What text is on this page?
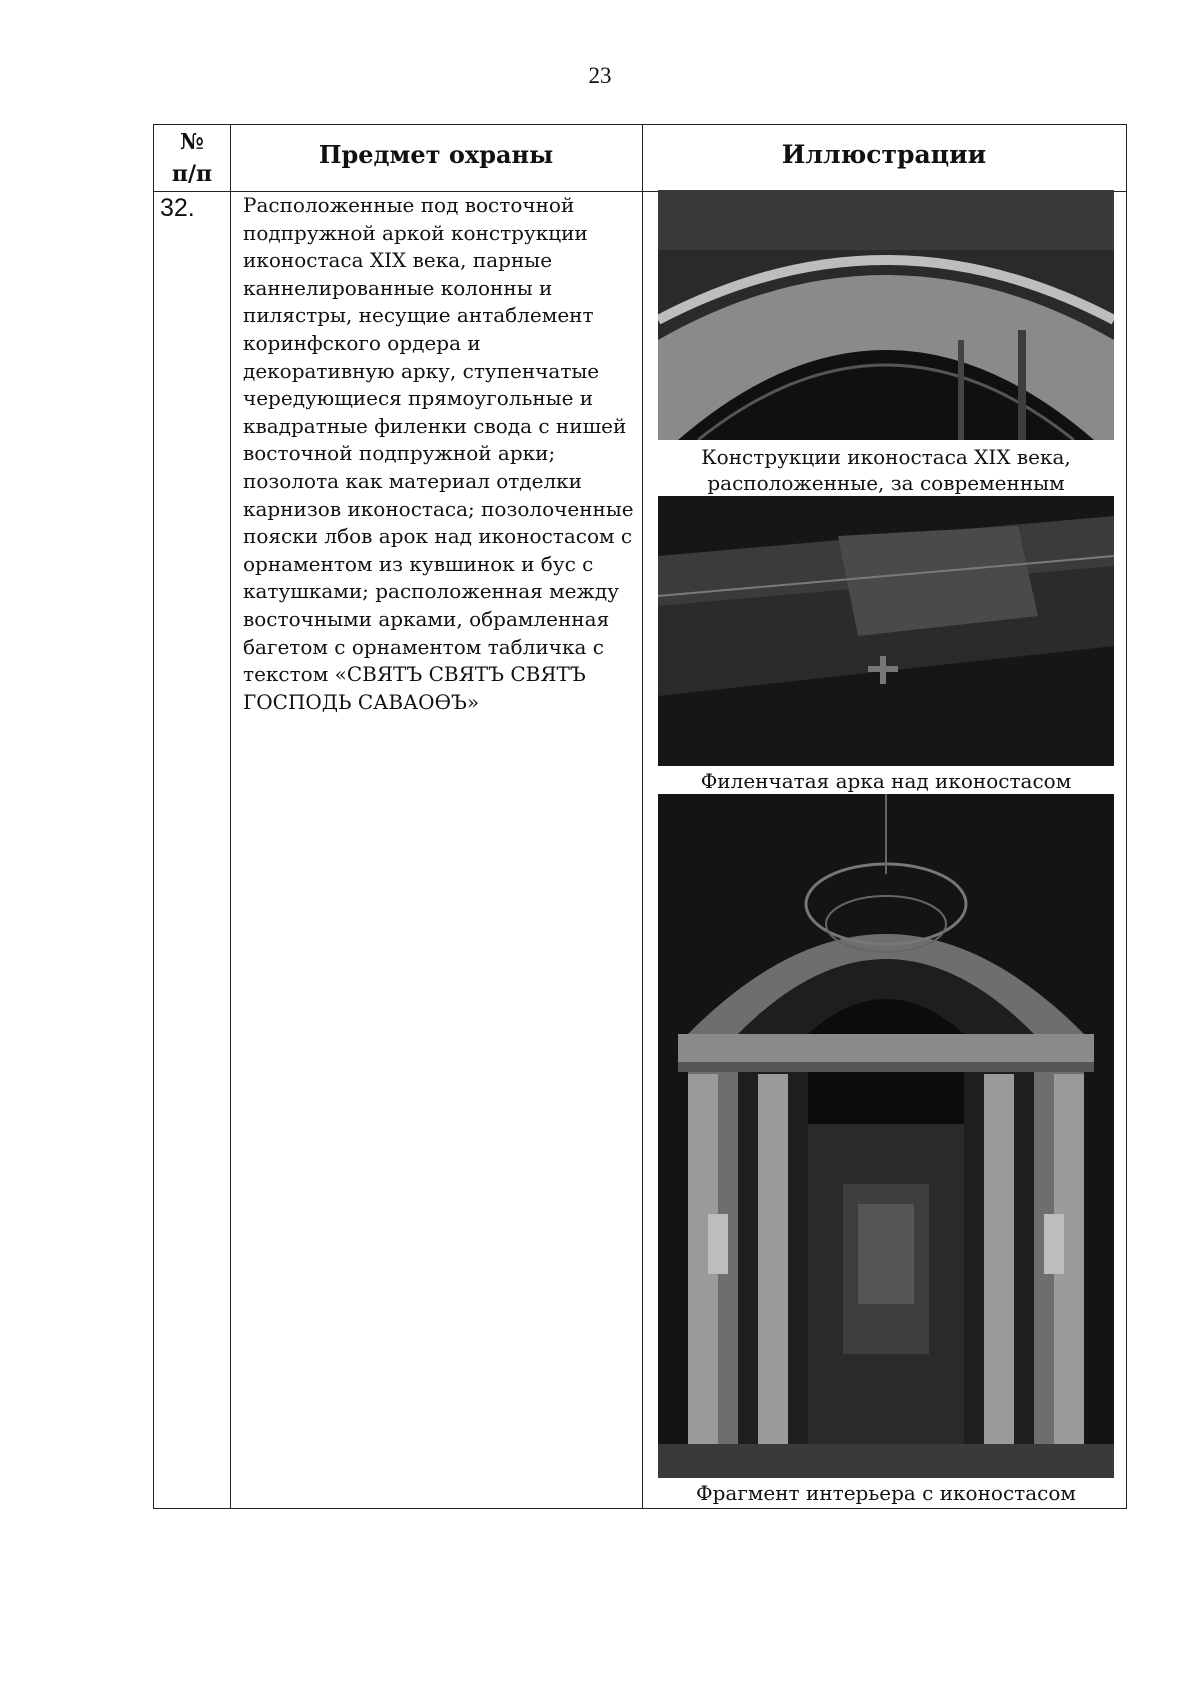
23
№
п/п
Предмет охраны	Иллюстрации
32.	Расположенные под восточной подпружной аркой конструкции иконостаса XIX века, парные каннелированные колонны и пилястры, несущие антаблемент коринфского ордера и декоративную арку, ступенчатые чередующиеся прямоугольные и квадратные филенки свода с нишей восточной подпружной арки; позолота как материал отделки карнизов иконостаса; позолоченные пояски лбов арок над иконостасом с орнаментом из кувшинок и бус с катушками; расположенная между восточными арками, обрамленная багетом с орнаментом табличка с текстом «СВЯТЪ СВЯТЪ СВЯТЪ ГОСПОДЬ САВАОѲЪ»
Конструкции иконостаса XIX века, расположенные, за современным
Филенчатая арка над иконостасом
Фрагмент интерьера с иконостасом
